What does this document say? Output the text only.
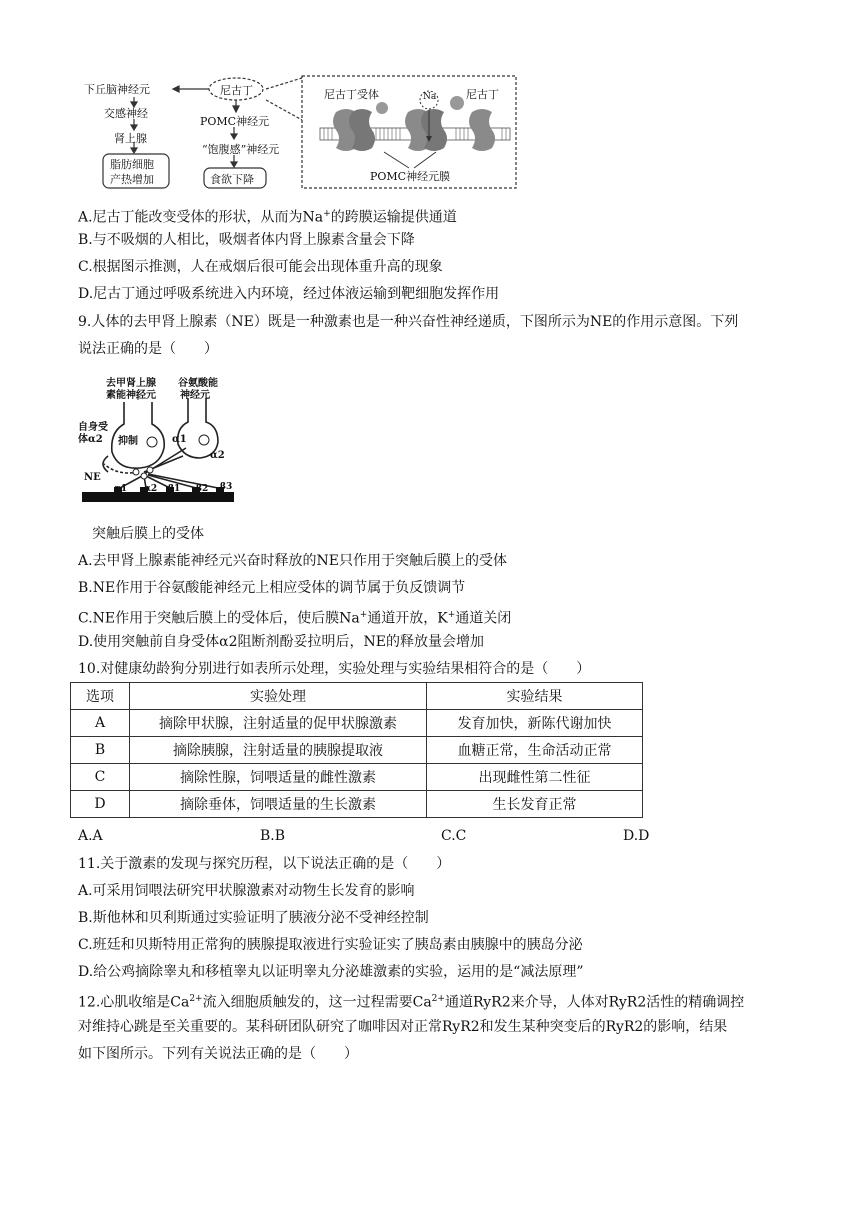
下丘脑神经元
交感神经
肾上腺
脂肪细胞
产热增加
尼古丁
POMC神经元
“饱腹感”神经元
食欲下降
尼古丁受体	Na	尼古丁
POMC神经元膜
A.尼古丁能改变受体的形状，从而为Na+的跨膜运输提供通道
B.与不吸烟的人相比，吸烟者体内肾上腺素含量会下降
C.根据图示推测，人在戒烟后很可能会出现体重升高的现象
D.尼古丁通过呼吸系统进入内环境，经过体液运输到靶细胞发挥作用
9.人体的去甲肾上腺素（NE）既是一种激素也是一种兴奋性神经递质，下图所示为NE的作用示意图。下列
说法正确的是（　　）
去甲肾上腺
素能神经元
谷氨酸能
神经元
自身受
体α2 抑制	α1
α2
NE
α1 α2 β1 β2 β3
突触后膜上的受体
A.去甲肾上腺素能神经元兴奋时释放的NE只作用于突触后膜上的受体
B.NE作用于谷氨酸能神经元上相应受体的调节属于负反馈调节
C.NE作用于突触后膜上的受体后，使后膜Na+通道开放，K+通道关闭
D.使用突触前自身受体α2阻断剂酚妥拉明后，NE的释放量会增加
10.对健康幼龄狗分别进行如表所示处理，实验处理与实验结果相符合的是（　　）
选项	实验处理	实验结果
A	摘除甲状腺，注射适量的促甲状腺激素	发育加快，新陈代谢加快
B	摘除胰腺，注射适量的胰腺提取液	血糖正常，生命活动正常
C	摘除性腺，饲喂适量的雌性激素	出现雌性第二性征
D	摘除垂体，饲喂适量的生长激素	生长发育正常
A.A	B.B	C.C	D.D
11.关于激素的发现与探究历程，以下说法正确的是（　　）
A.可采用饲喂法研究甲状腺激素对动物生长发育的影响
B.斯他林和贝利斯通过实验证明了胰液分泌不受神经控制
C.班廷和贝斯特用正常狗的胰腺提取液进行实验证实了胰岛素由胰腺中的胰岛分泌
D.给公鸡摘除睾丸和移植睾丸以证明睾丸分泌雄激素的实验，运用的是“减法原理”
12.心肌收缩是$Ca^{2+}$流入细胞质触发的，这一过程需要$Ca^{2+}$通道RyR2来介导，人体对RyR2活性的精确调控
对维持心跳是至关重要的。某科研团队研究了咖啡因对正常RyR2和发生某种突变后的RyR2的影响，结果
如下图所示。下列有关说法正确的是（　　）
